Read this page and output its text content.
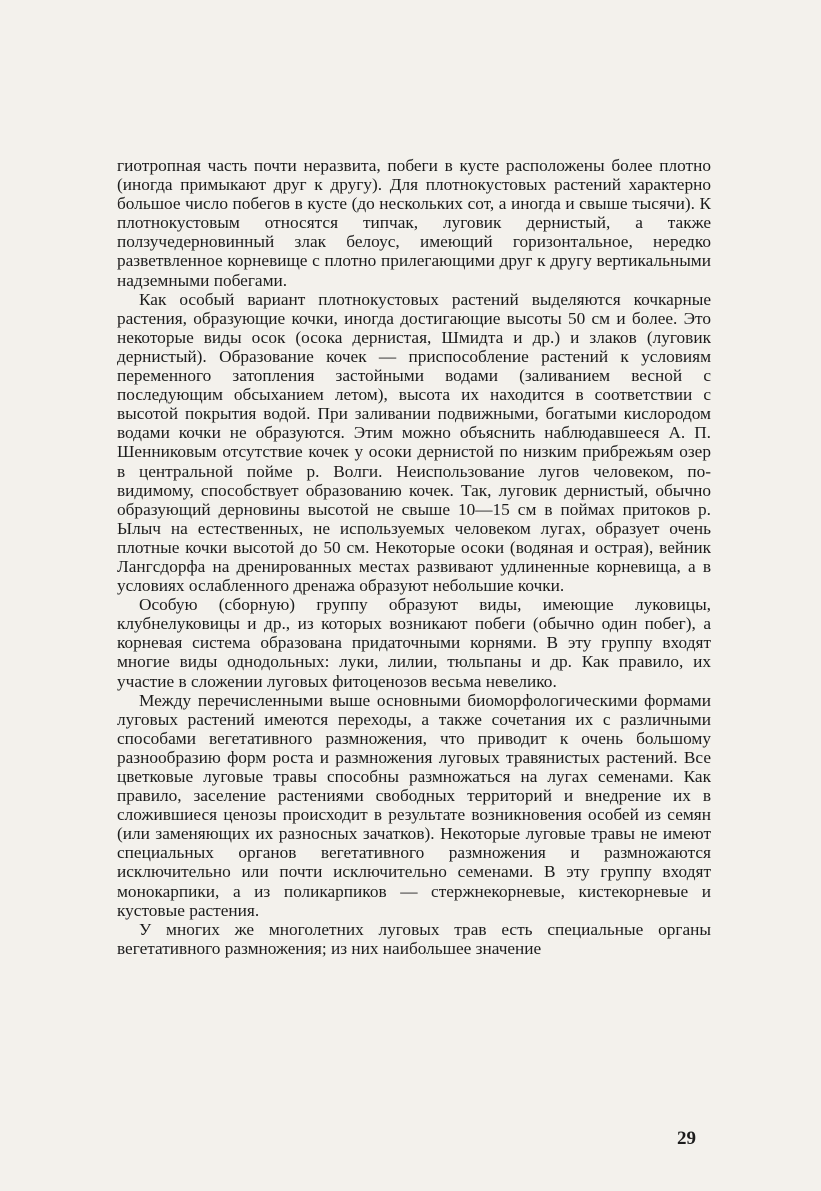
гиотропная часть почти неразвита, побеги в кусте расположены более плотно (иногда примыкают друг к другу). Для плотнокустовых растений характерно большое число побегов в кусте (до нескольких сот, а иногда и свыше тысячи). К плотнокустовым относятся типчак, луговик дернистый, а также ползучедерновинный злак белоус, имеющий горизонтальное, нередко разветвленное корневище с плотно прилегающими друг к другу вертикальными надземными побегами.

Как особый вариант плотнокустовых растений выделяются кочкарные растения, образующие кочки, иногда достигающие высоты 50 см и более. Это некоторые виды осок (осока дернистая, Шмидта и др.) и злаков (луговик дернистый). Образование кочек — приспособление растений к условиям переменного затопления застойными водами (заливанием весной с последующим обсыханием летом), высота их находится в соответствии с высотой покрытия водой. При заливании подвижными, богатыми кислородом водами кочки не образуются. Этим можно объяснить наблюдавшееся А. П. Шенниковым отсутствие кочек у осоки дернистой по низким прибрежьям озер в центральной пойме р. Волги. Неиспользование лугов человеком, по-видимому, способствует образованию кочек. Так, луговик дернистый, обычно образующий дерновины высотой не свыше 10—15 см в поймах притоков р. Ылыч на естественных, не используемых человеком лугах, образует очень плотные кочки высотой до 50 см. Некоторые осоки (водяная и острая), вейник Лангсдорфа на дренированных местах развивают удлиненные корневища, а в условиях ослабленного дренажа образуют небольшие кочки.

Особую (сборную) группу образуют виды, имеющие луковицы, клубнелуковицы и др., из которых возникают побеги (обычно один побег), а корневая система образована придаточными корнями. В эту группу входят многие виды однодольных: луки, лилии, тюльпаны и др. Как правило, их участие в сложении луговых фитоценозов весьма невелико.

Между перечисленными выше основными биоморфологическими формами луговых растений имеются переходы, а также сочетания их с различными способами вегетативного размножения, что приводит к очень большому разнообразию форм роста и размножения луговых травянистых растений. Все цветковые луговые травы способны размножаться на лугах семенами. Как правило, заселение растениями свободных территорий и внедрение их в сложившиеся ценозы происходит в результате возникновения особей из семян (или заменяющих их разносных зачатков). Некоторые луговые травы не имеют специальных органов вегетативного размножения и размножаются исключительно или почти исключительно семенами. В эту группу входят монокарпики, а из поликарпиков — стержнекорневые, кистекорневые и кустовые растения.

У многих же многолетних луговых трав есть специальные органы вегетативного размножения; из них наибольшее значение

29
